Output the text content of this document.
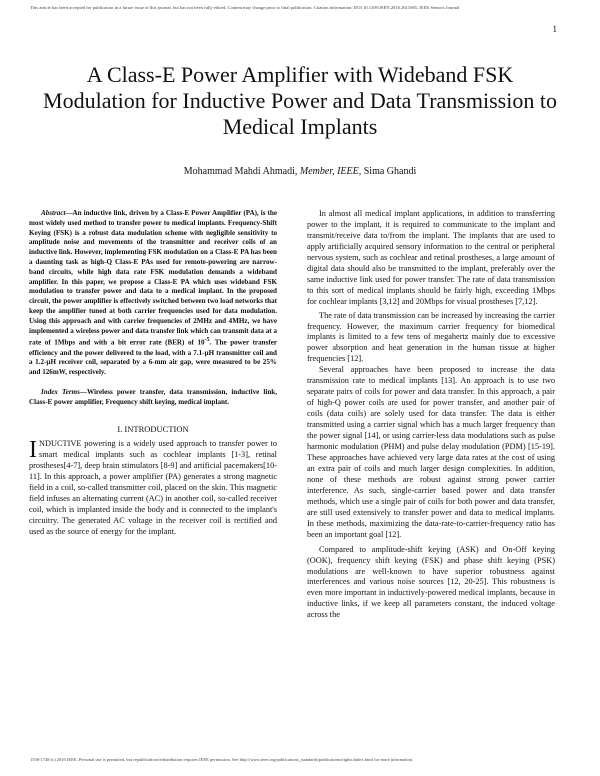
This article has been accepted for publication in a future issue of this journal, but has not been fully edited. Content may change prior to final publication. Citation information: DOI 10.1109/JSEN.2016.2611685, IEEE Sensors Journal
1
A Class-E Power Amplifier with Wideband FSK Modulation for Inductive Power and Data Transmission to Medical Implants
Mohammad Mahdi Ahmadi, Member, IEEE, Sima Ghandi

Abstract—An inductive link, driven by a Class-E Power Amplifier (PA), is the most widely used method to transfer power to medical implants. Frequency-Shift Keying (FSK) is a robust data modulation scheme with negligible sensitivity to amplitude noise and movements of the transmitter and receiver coils of an inductive link. However, implementing FSK modulation on a Class-E PA has been a daunting task as high-Q Class-E PAs used for remote-powering are narrow-band circuits, while high data rate FSK modulation demands a wideband amplifier. In this paper, we propose a Class-E PA which uses wideband FSK modulation to transfer power and data to a medical implant. In the proposed circuit, the power amplifier is effectively switched between two load networks that keep the amplifier tuned at both carrier frequencies used for data modulation. Using this approach and with carrier frequencies of 2MHz and 4MHz, we have implemented a wireless power and data transfer link which can transmit data at a rate of 1Mbps and with a bit error rate (BER) of $10^{-5}$. The power transfer efficiency and the power delivered to the load, with a 7.1-µH transmitter coil and a 1.2-µH receiver coil, separated by a 6-mm air gap, were measured to be 25% and 126mW, respectively.

Index Terms—Wireless power transfer, data transmission, inductive link, Class-E power amplifier, Frequency shift keying, medical implant.

I. INTRODUCTION

INDUCTIVE powering is a widely used approach to transfer power to smart medical implants such as cochlear implants [1-3], retinal prostheses[4-7], deep brain stimulators [8-9] and artificial pacemakers[10-11]. In this approach, a power amplifier (PA) generates a strong magnetic field in a coil, so-called transmitter coil, placed on the skin. This magnetic field infuses an alternating current (AC) in another coil, so-called receiver coil, which is implanted inside the body and is connected to the implant's circuitry. The generated AC voltage in the receiver coil is rectified and used as the source of energy for the implant.

In almost all medical implant applications, in addition to transferring power to the implant, it is required to communicate to the implant and transmit/receive data to/from the implant. The implants that are used to apply artificially acquired sensory information to the central or peripheral nervous system, such as cochlear and retinal prostheses, a large amount of digital data should also be transmitted to the implant, preferably over the same inductive link used for power transfer. The rate of data transmission to this sort of medical implants should be fairly high, exceeding 1Mbps for cochlear implants [3,12] and 20Mbps for visual prostheses [7,12].

The rate of data transmission can be increased by increasing the carrier frequency. However, the maximum carrier frequency for biomedical implants is limited to a few tens of megahertz mainly due to excessive power absorption and heat generation in the human tissue at higher frequencies [12].

Several approaches have been proposed to increase the data transmission rate to medical implants [13]. An approach is to use two separate pairs of coils for power and data transfer. In this approach, a pair of high-Q power coils are used for power transfer, and another pair of coils (data coils) are solely used for data transfer. The data is either transmitted using a carrier signal which has a much larger frequency than the power signal [14], or using carrier-less data modulations such as pulse harmonic modulation (PHM) and pulse delay modulation (PDM) [15-19]. These approaches have achieved very large data rates at the cost of using an extra pair of coils and much larger design complexities. In addition, none of these methods are robust against strong power carrier interference. As such, single-carrier based power and data transfer methods, which use a single pair of coils for both power and data transfer, are still used extensively to transfer power and data to medical implants. In these methods, maximizing the data-rate-to-carrier-frequency ratio has been an important goal [12].

Compared to amplitude-shift keying (ASK) and On-Off keying (OOK), frequency shift keying (FSK) and phase shift keying (PSK) modulations are well-known to have superior robustness against interferences and various noise sources [12, 20-25]. This robustness is even more important in inductively-powered medical implants, because in inductive links, if we keep all parameters constant, the induced voltage across the

1558-1748 (c) 2016 IEEE. Personal use is permitted, but republication/redistribution requires IEEE permission. See http://www.ieee.org/publications_standards/publications/rights/index.html for more information.
